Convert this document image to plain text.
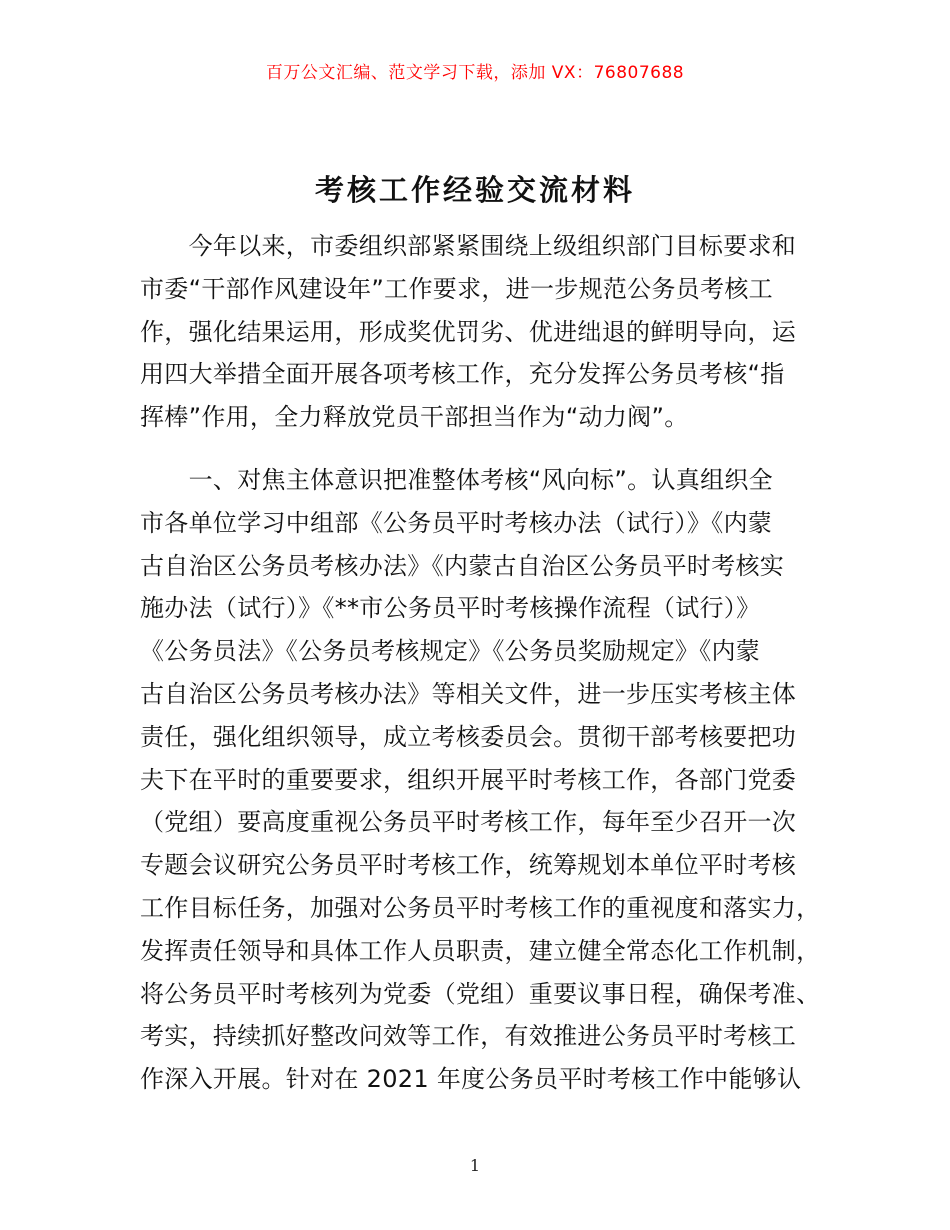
百万公文汇编、范文学习下载，添加 VX：76807688
考核工作经验交流材料
　　今年以来，市委组织部紧紧围绕上级组织部门目标要求和
市委“干部作风建设年”工作要求，进一步规范公务员考核工
作，强化结果运用，形成奖优罚劣、优进绌退的鲜明导向，运
用四大举措全面开展各项考核工作，充分发挥公务员考核“指
挥棒”作用，全力释放党员干部担当作为“动力阀”。
　　一、对焦主体意识把准整体考核“风向标”。认真组织全
市各单位学习中组部《公务员平时考核办法（试行）》《内蒙
古自治区公务员考核办法》《内蒙古自治区公务员平时考核实
施办法（试行）》《**市公务员平时考核操作流程（试行）》
《公务员法》《公务员考核规定》《公务员奖励规定》《内蒙
古自治区公务员考核办法》等相关文件，进一步压实考核主体
责任，强化组织领导，成立考核委员会。贯彻干部考核要把功
夫下在平时的重要要求，组织开展平时考核工作，各部门党委
（党组）要高度重视公务员平时考核工作，每年至少召开一次
专题会议研究公务员平时考核工作，统筹规划本单位平时考核
工作目标任务，加强对公务员平时考核工作的重视度和落实力，
发挥责任领导和具体工作人员职责，建立健全常态化工作机制，
将公务员平时考核列为党委（党组）重要议事日程，确保考准、
考实，持续抓好整改问效等工作，有效推进公务员平时考核工
作深入开展。针对在 2021 年度公务员平时考核工作中能够认
1
